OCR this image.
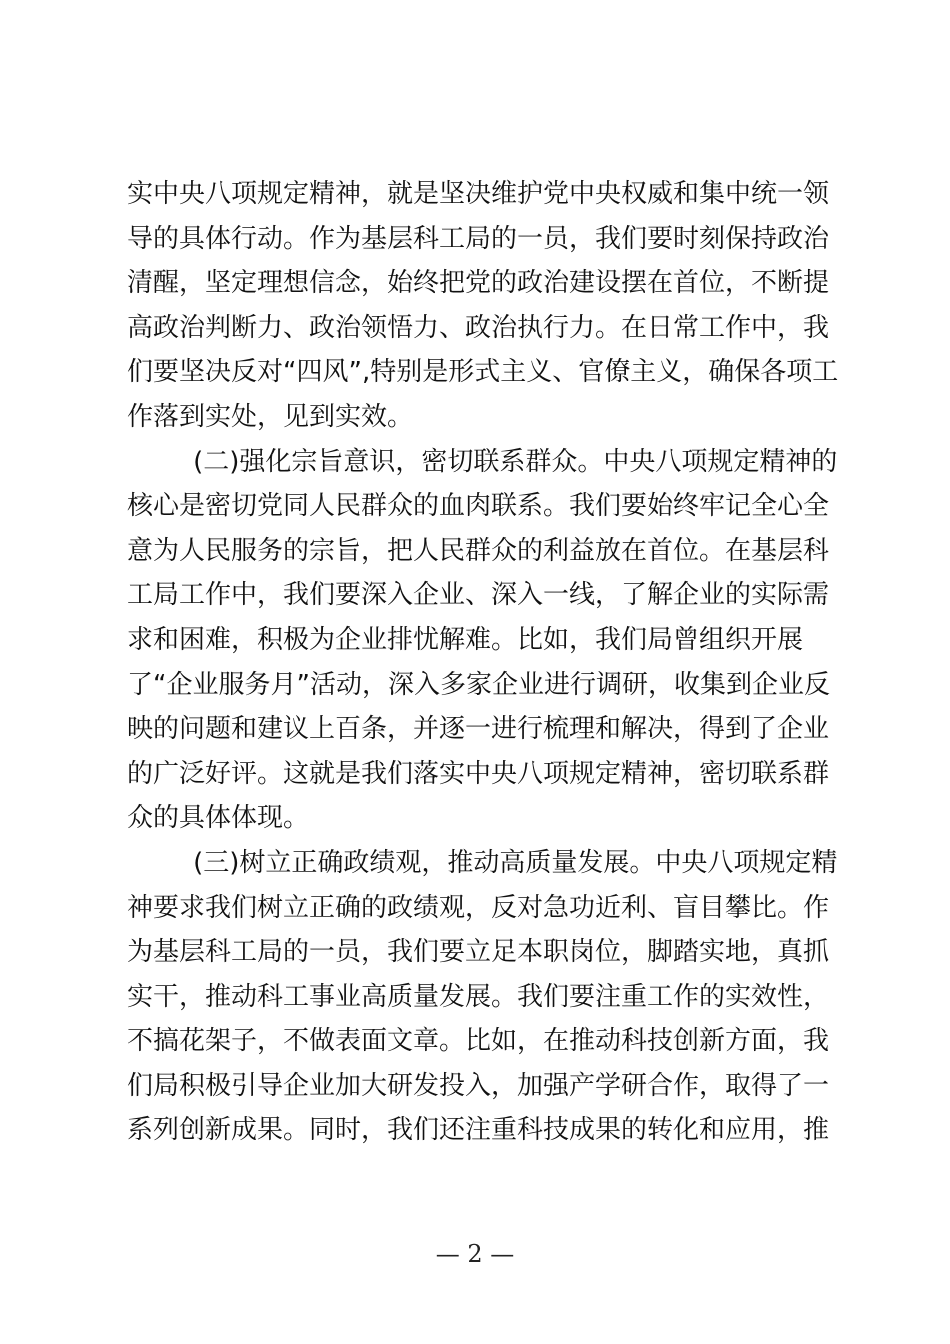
实中央八项规定精神，就是坚决维护党中央权威和集中统一领
导的具体行动。作为基层科工局的一员，我们要时刻保持政治
清醒，坚定理想信念，始终把党的政治建设摆在首位，不断提
高政治判断力、政治领悟力、政治执行力。在日常工作中，我
们要坚决反对“四风”,特别是形式主义、官僚主义，确保各项工
作落到实处，见到实效。
(二)强化宗旨意识，密切联系群众。中央八项规定精神的
核心是密切党同人民群众的血肉联系。我们要始终牢记全心全
意为人民服务的宗旨，把人民群众的利益放在首位。在基层科
工局工作中，我们要深入企业、深入一线，了解企业的实际需
求和困难，积极为企业排忧解难。比如，我们局曾组织开展
了“企业服务月”活动，深入多家企业进行调研，收集到企业反
映的问题和建议上百条，并逐一进行梳理和解决，得到了企业
的广泛好评。这就是我们落实中央八项规定精神，密切联系群
众的具体体现。
(三)树立正确政绩观，推动高质量发展。中央八项规定精
神要求我们树立正确的政绩观，反对急功近利、盲目攀比。作
为基层科工局的一员，我们要立足本职岗位，脚踏实地，真抓
实干，推动科工事业高质量发展。我们要注重工作的实效性，
不搞花架子，不做表面文章。比如，在推动科技创新方面，我
们局积极引导企业加大研发投入，加强产学研合作，取得了一
系列创新成果。同时，我们还注重科技成果的转化和应用，推
— 2 —
